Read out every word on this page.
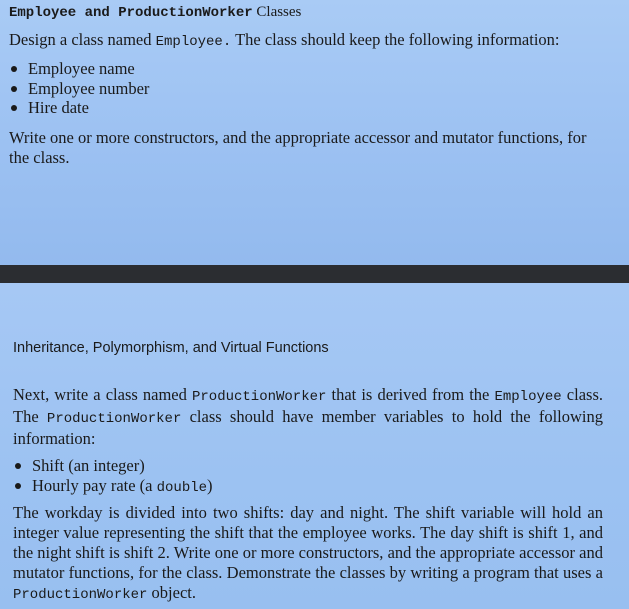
Employee and ProductionWorker Classes

Design a class named Employee. The class should keep the following information:

Employee name
Employee number
Hire date

Write one or more constructors, and the appropriate accessor and mutator functions, for the class.

Inheritance, Polymorphism, and Virtual Functions

Next, write a class named ProductionWorker that is derived from the Employee class. The ProductionWorker class should have member variables to hold the following information:

Shift (an integer)
Hourly pay rate (a double)

The workday is divided into two shifts: day and night. The shift variable will hold an integer value representing the shift that the employee works. The day shift is shift 1, and the night shift is shift 2. Write one or more constructors, and the appropriate accessor and mutator functions, for the class. Demonstrate the classes by writing a program that uses a ProductionWorker object.
